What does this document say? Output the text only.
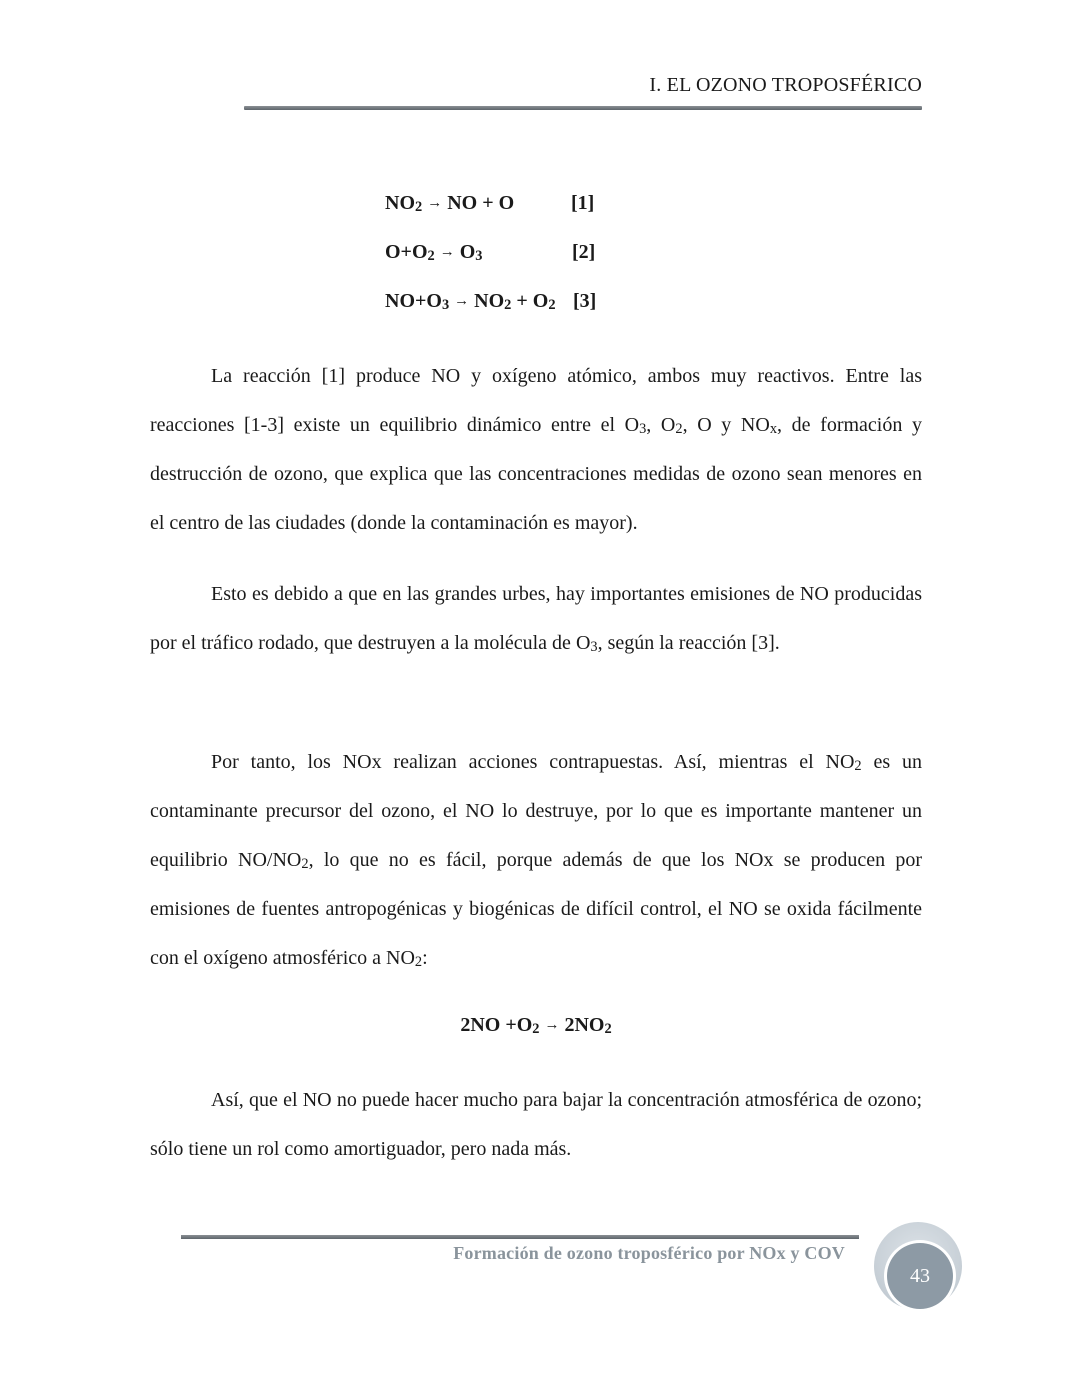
I. EL OZONO TROPOSFÉRICO
$NO_2$ → NO + O	[1]
$O+O_2 \to O_3$	[2]
$NO+O_3 \to NO_2 + O_2$ [3]

La reacción [1] produce NO y oxígeno atómico, ambos muy reactivos. Entre las reacciones [1-3] existe un equilibrio dinámico entre el $O_3$, $O_2$, O y $NO_x$, de formación y destrucción de ozono, que explica que las concentraciones medidas de ozono sean menores en el centro de las ciudades (donde la contaminación es mayor).

Esto es debido a que en las grandes urbes, hay importantes emisiones de NO producidas por el tráfico rodado, que destruyen a la molécula de $O_3$, según la reacción [3].

Por tanto, los NOx realizan acciones contrapuestas. Así, mientras el $NO_2$ es un contaminante precursor del ozono, el NO lo destruye, por lo que es importante mantener un equilibrio $NO/NO_2$, lo que no es fácil, porque además de que los NOx se producen por emisiones de fuentes antropogénicas y biogénicas de difícil control, el NO se oxida fácilmente con el oxígeno atmosférico a $NO_2$:

$2NO +O_2 \to 2NO_2$

Así, que el NO no puede hacer mucho para bajar la concentración atmosférica de ozono; sólo tiene un rol como amortiguador, pero nada más.

Formación de ozono troposférico por NOx y COV
43
